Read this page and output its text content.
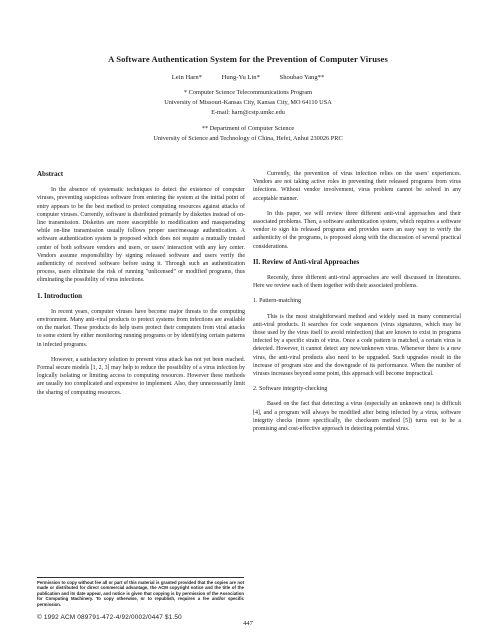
A Software Authentication System for the Prevention of Computer Viruses
Lein Harn*	Hung-Yu Lin*	Shoubao Yang**
* Computer Science Telecommunications Program
University of Missouri-Kansas City, Kansas City, MO 64110 USA
E-mail: harn@cstp.umkc.edu
** Department of Computer Science
University of Science and Technology of China, Hefei, Anhui 230026 PRC
Abstract

In the absence of systematic techniques to detect the existence of computer viruses, preventing suspicious software from entering the system at the initial point of entry appears to be the best method to protect computing resources against attacks of computer viruses. Currently, software is distributed primarily by diskettes instead of on-line transmission. Diskettes are more susceptible to modification and masquerading while on-line transmission usually follows proper user/message authentication. A software authentication system is proposed which does not require a mutually trusted center of both software vendors and users, or users' interaction with any key center. Vendors assume responsibility by signing released software and users verify the authenticity of received software before using it. Through such an authentication process, users eliminate the risk of running "unlicensed" or modified programs, thus eliminating the possibility of virus infections.

1. Introduction

In recent years, computer viruses have become major threats to the computing environment. Many anti-viral products to protect systems from infections are available on the market. These products do help users protect their computers from viral attacks to some extent by either monitoring running programs or by identifying certain patterns in infected programs.

However, a satisfactory solution to prevent virus attack has not yet been reached. Formal secure models [1, 2, 3] may help to reduce the possibility of a virus infection by logically isolating or limiting access to computing resources. However these methods are usually too complicated and expensive to implement. Also, they unnecessarily limit the sharing of computing resources.

Currently, the prevention of virus infection relies on the users' experiences. Vendors are not taking active roles in preventing their released programs from virus infections. Without vendor involvement, virus problem cannot be solved in any acceptable manner.

In this paper, we will review three different anti-viral approaches and their associated problems. Then, a software authentication system, which requires a software vendor to sign his released programs and provides users an easy way to verify the authenticity of the programs, is proposed along with the discussion of several practical considerations.

II. Review of Anti-viral Approaches

Recently, three different anti-viral approaches are well discussed in literatures. Here we review each of them together with their associated problems.

1. Pattern-matching

This is the most straightforward method and widely used in many commercial anti-viral products. It searches for code sequences (virus signatures, which may be those used by the virus itself to avoid reinfection) that are known to exist in programs infected by a specific strain of virus. Once a code pattern is matched, a certain virus is detected. However, it cannot detect any new/unknown virus. Whenever there is a new virus, the anti-viral products also need to be upgraded. Such upgrades result in the increase of program size and the downgrade of its performance. When the number of viruses increases beyond some point, this approach will become impractical.

2. Software integrity-checking

Based on the fact that detecting a virus (especially an unknown one) is difficult [4], and a program will always be modified after being infected by a virus, software integrity checks (more specifically, the checksum method [5]) turns out to be a promising and cost-effective approach in detecting potential virus.

Permission to copy without fee all or part of this material is granted provided that the copies are not made or distributed for direct commercial advantage, the ACM copyright notice and the title of the publication and its date appear, and notice is given that copying is by permission of the Association for Computing Machinery. To copy otherwise, or to republish, requires a fee and/or specific permission.
© 1992 ACM 089791-472-4/92/0002/0447 $1.50
447
